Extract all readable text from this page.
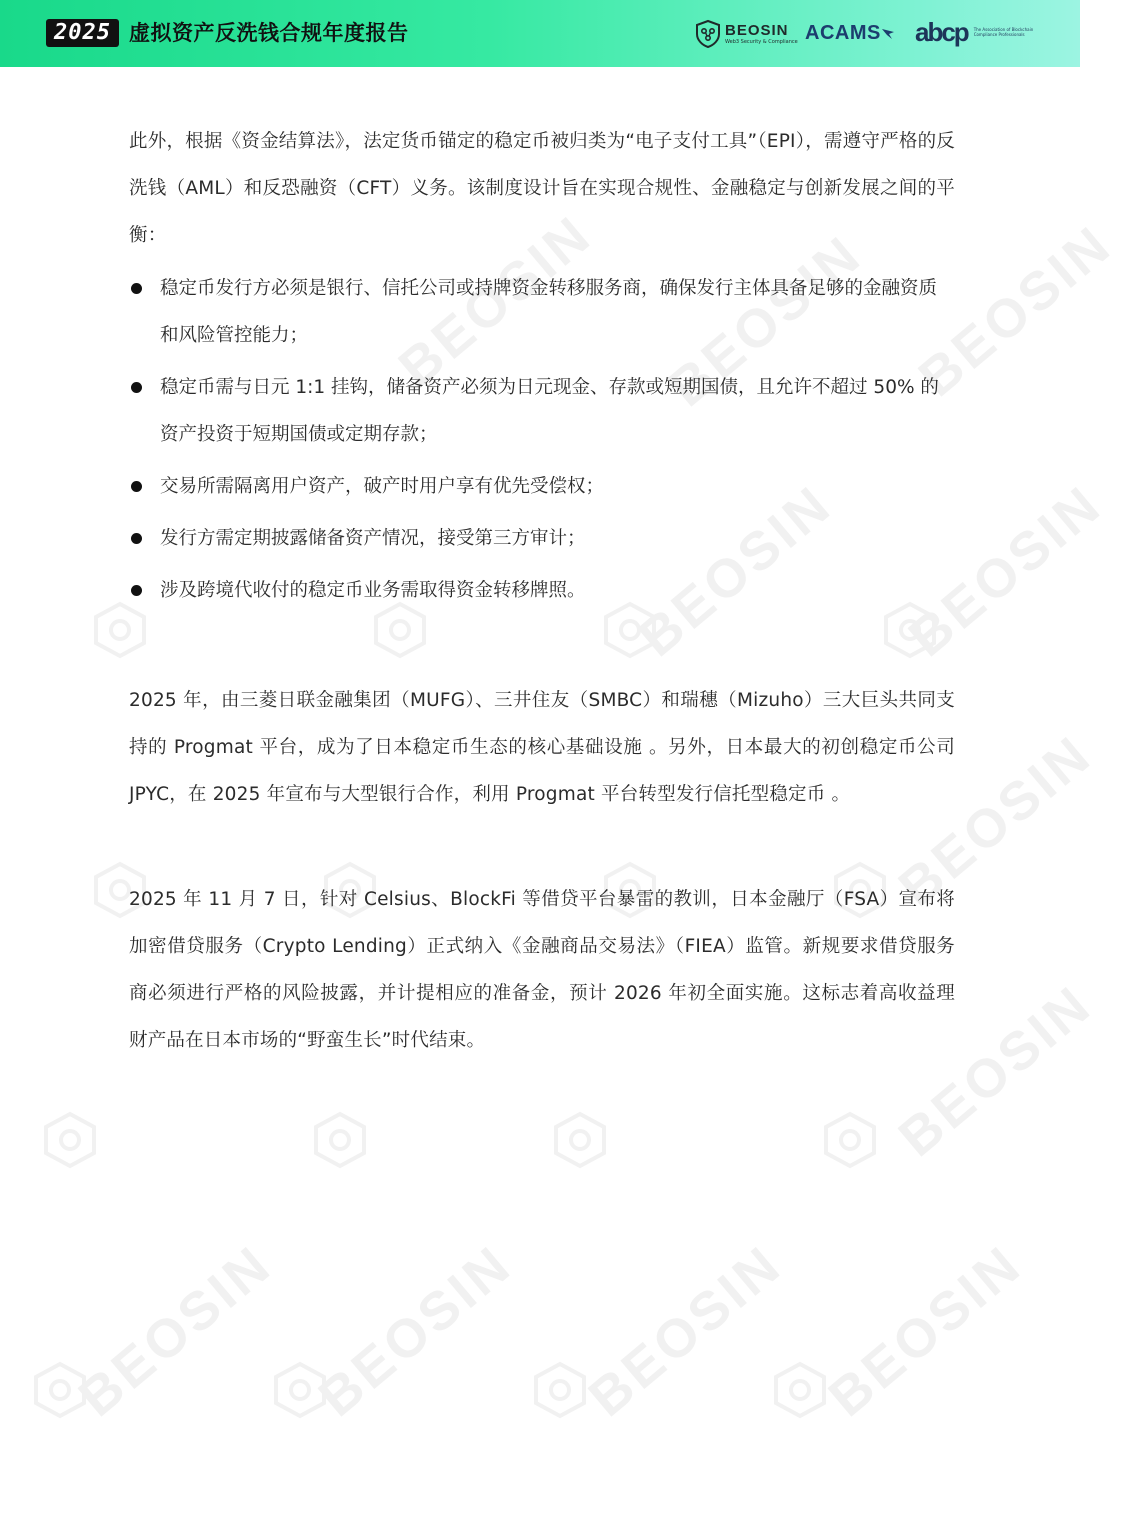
BEOSIN BEOSIN BEOSIN
BEOSIN BEOSIN
BEOSIN
BEOSIN
BEOSIN BEOSIN BEOSIN BEOSIN
2025 虚拟资产反洗钱合规年度报告	BEOSIN
Web3 Security & Compliance ACAMS abcp The Association of Blockchain Compliance Professionals

此外，根据《资金结算法》，法定货币锚定的稳定币被归类为“电子支付工具”（EPI），需遵守严格的反洗钱（AML）和反恐融资（CFT）义务。该制度设计旨在实现合规性、金融稳定与创新发展之间的平衡：

稳定币发行方必须是银行、信托公司或持牌资金转移服务商，确保发行主体具备足够的金融资质和风险管控能力；
稳定币需与日元 1:1 挂钩，储备资产必须为日元现金、存款或短期国债，且允许不超过 50% 的资产投资于短期国债或定期存款；
交易所需隔离用户资产，破产时用户享有优先受偿权；
发行方需定期披露储备资产情况，接受第三方审计；
涉及跨境代收付的稳定币业务需取得资金转移牌照。

2025 年，由三菱日联金融集团（MUFG）、三井住友（SMBC）和瑞穗（Mizuho）三大巨头共同支持的 Progmat 平台，成为了日本稳定币生态的核心基础设施 。另外，日本最大的初创稳定币公司 JPYC，在 2025 年宣布与大型银行合作，利用 Progmat 平台转型发行信托型稳定币 。

2025 年 11 月 7 日，针对 Celsius、BlockFi 等借贷平台暴雷的教训，日本金融厅（FSA）宣布将加密借贷服务（Crypto Lending）正式纳入《金融商品交易法》（FIEA）监管。新规要求借贷服务商必须进行严格的风险披露，并计提相应的准备金，预计 2026 年初全面实施。这标志着高收益理财产品在日本市场的“野蛮生长”时代结束。
